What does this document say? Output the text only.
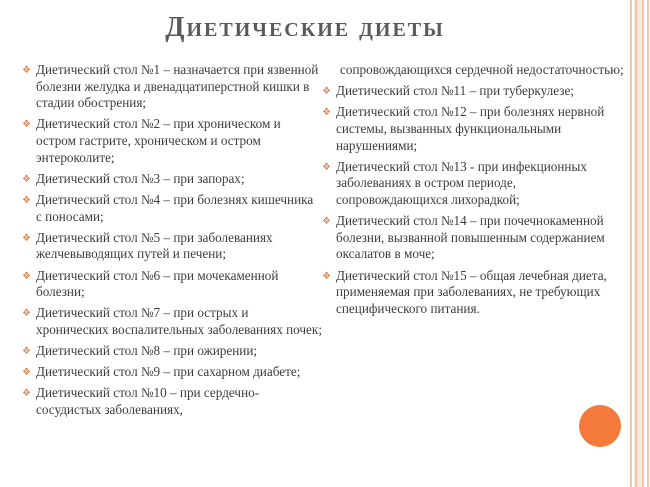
Диетические диеты
❖ Диетический стол №1 – назначается при язвенной болезни желудка и двенадцатиперстной кишки в стадии обострения;
❖ Диетический стол №2 – при хроническом и остром гастрите, хроническом и остром энтероколите;
❖ Диетический стол №3 – при запорах;
❖ Диетический стол №4 – при болезнях кишечника с поносами;
❖ Диетический стол №5 – при заболеваниях желчевыводящих путей и печени;
❖ Диетический стол №6 – при мочекаменной болезни;
❖ Диетический стол №7 – при острых и хронических воспалительных заболеваниях почек;
❖ Диетический стол №8 – при ожирении;
❖ Диетический стол №9 – при сахарном диабете;
❖ Диетический стол №10 – при сердечно-сосудистых заболеваниях,
сопровождающихся сердечной недостаточностью;
❖ Диетический стол №11 – при туберкулезе;
❖ Диетический стол №12 – при болезнях нервной системы, вызванных функциональными нарушениями;
❖ Диетический стол №13 - при инфекционных заболеваниях в остром периоде, сопровождающихся лихорадкой;
❖ Диетический стол №14 – при почечнокаменной болезни, вызванной повышенным содержанием оксалатов в моче;
❖ Диетический стол №15 – общая лечебная диета, применяемая при заболеваниях, не требующих специфического питания.
